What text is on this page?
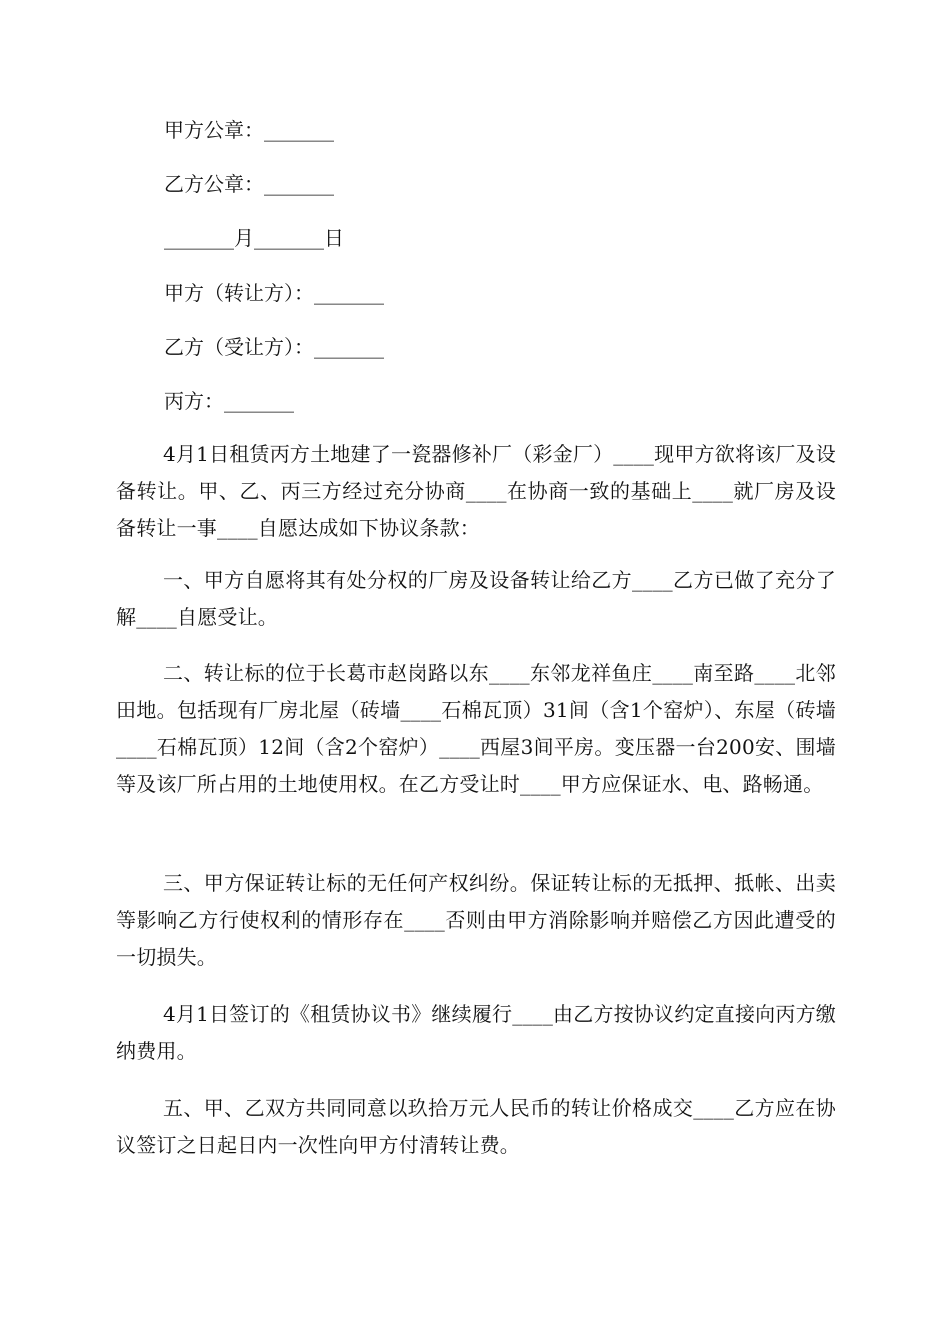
甲方公章：_______
乙方公章：_______
_______月_______日
甲方（转让方）：_______
乙方（受让方）：_______
丙方：_______
4月1日租赁丙方土地建了一瓷器修补厂（彩金厂）____现甲方欲将该厂及设备转让。甲、乙、丙三方经过充分协商____在协商一致的基础上____就厂房及设备转让一事____自愿达成如下协议条款：
一、甲方自愿将其有处分权的厂房及设备转让给乙方____乙方已做了充分了解____自愿受让。
二、转让标的位于长葛市赵岗路以东____东邻龙祥鱼庄____南至路____北邻田地。包括现有厂房北屋（砖墙____石棉瓦顶）31间（含1个窑炉）、东屋（砖墙____石棉瓦顶）12间（含2个窑炉）____西屋3间平房。变压器一台200安、围墙等及该厂所占用的土地使用权。在乙方受让时____甲方应保证水、电、路畅通。
三、甲方保证转让标的无任何产权纠纷。保证转让标的无抵押、抵帐、出卖等影响乙方行使权利的情形存在____否则由甲方消除影响并赔偿乙方因此遭受的一切损失。
4月1日签订的《租赁协议书》继续履行____由乙方按协议约定直接向丙方缴纳费用。
五、甲、乙双方共同同意以玖拾万元人民币的转让价格成交____乙方应在协议签订之日起日内一次性向甲方付清转让费。
